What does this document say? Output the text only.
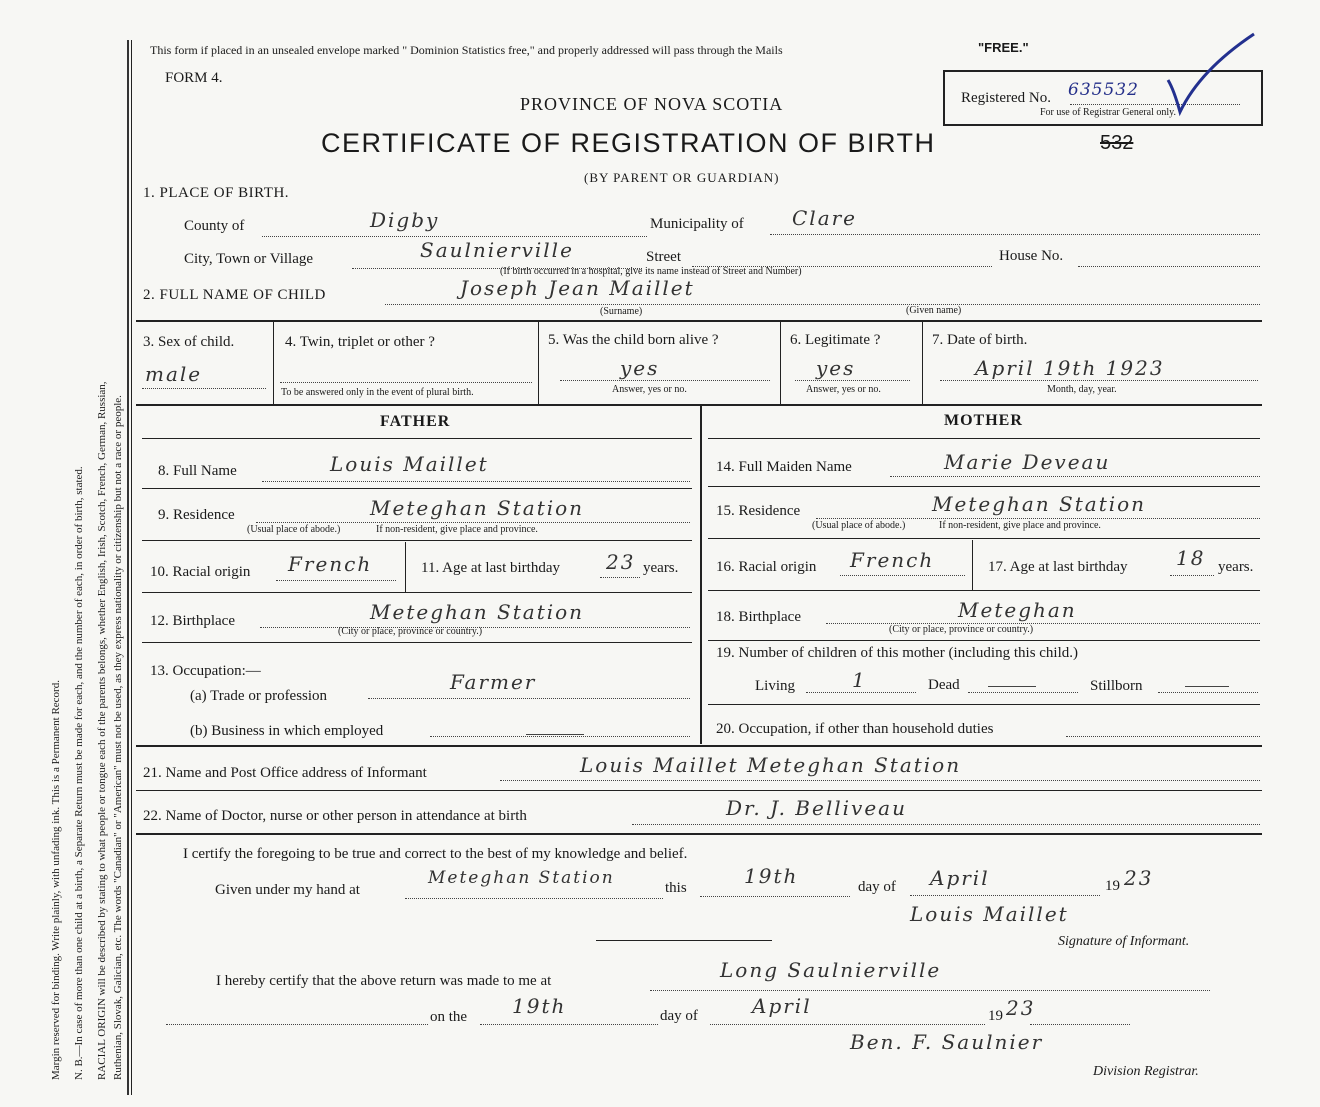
Margin reserved for binding. Write plainly, with unfading ink. This is a Permanent Record. N. B.—In case of more than one child at a birth, a Separate Return must be made for each, and the number of each, in order of birth, stated. RACIAL ORIGIN will be described by stating to what people or tongue each of the parents belongs, whether English, Irish, Scotch, French, German, Russian, Ruthenian, Slovak, Galician, etc. The words "Canadian" or "American" must not be used, as they express nationality or citizenship but not a race or people.
This form if placed in an unsealed envelope marked " Dominion Statistics free," and properly addressed will pass through the Mails	"FREE."
FORM 4.
PROVINCE OF NOVA SCOTIA
CERTIFICATE OF REGISTRATION OF BIRTH	532
(BY PARENT OR GUARDIAN)
Registered No. 635532
For use of Registrar General only.
1. PLACE OF BIRTH.
County of	Digby	Municipality of Clare
City, Town or Village	Saulnierville	Street	House No.
(If birth occurred in a hospital, give its name instead of Street and Number)
2. FULL NAME OF CHILD	Joseph Jean Maillet
(Surname)	(Given name)
3. Sex of child.
male
4. Twin, triplet or other ?
To be answered only in the event of plural birth.
5. Was the child born alive ?
yes
Answer, yes or no.
6. Legitimate ?
yes
Answer, yes or no.
7. Date of birth.
April 19th 1923
Month, day, year.
FATHER	MOTHER
8. Full Name	Louis Maillet
9. Residence	Meteghan Station
(Usual place of abode.)	If non-resident, give place and province.
10. Racial origin French	11. Age at last birthday 23 years.
12. Birthplace	Meteghan Station
(City or place, province or country.)
13. Occupation:—
(a) Trade or profession
Farmer
(b) Business in which employed
14. Full Maiden Name	Marie Deveau
15. Residence	Meteghan Station
(Usual place of abode.)	If non-resident, give place and province.
16. Racial origin French	17. Age at last birthday 18 years.
18. Birthplace	Meteghan
(City or place, province or country.)
19. Number of children of this mother (including this child.)
Living	1	Dead	Stillborn
20. Occupation, if other than household duties
21. Name and Post Office address of Informant	Louis Maillet Meteghan Station
22. Name of Doctor, nurse or other person in attendance at birth	Dr. J. Belliveau
I certify the foregoing to be true and correct to the best of my knowledge and belief.
Given under my hand at
Meteghan Station	this	19th	day of April	19 23
Louis Maillet
Signature of Informant.
I hereby certify that the above return was made to me at	Long Saulnierville
on the 19th	day of	April	19 23
Ben. F. Saulnier
Division Registrar.
